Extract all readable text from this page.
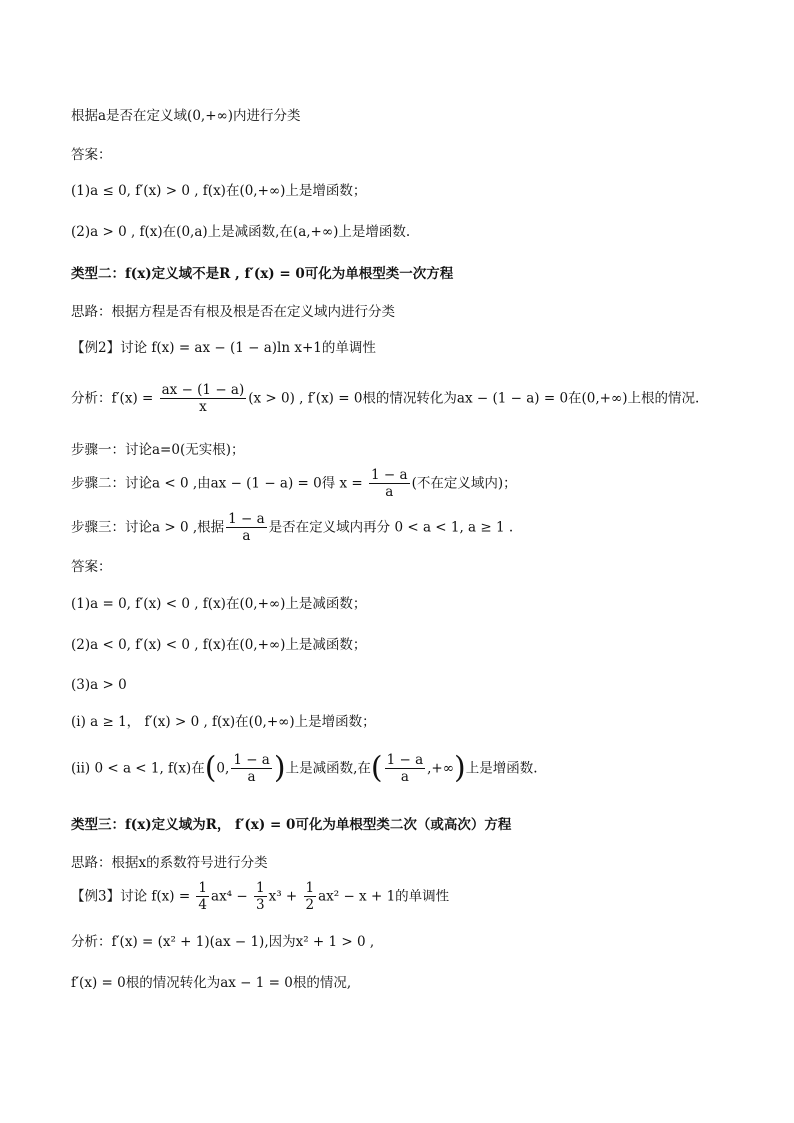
根据a是否在定义域(0,+∞)内进行分类
答案：
(1)a ≤ 0, f′(x) > 0 , f(x)在(0,+∞)上是增函数；
(2)a > 0 , f(x)在(0,a)上是减函数,在(a,+∞)上是增函数.
类型二：f(x)定义域不是R , f′(x) = 0可化为单根型类一次方程
思路：根据方程是否有根及根是否在定义域内进行分类
【例2】讨论 f(x) = ax − (1 − a)ln x+1的单调性
分析：$f'(x) = \frac{ax - (1 - a)}{x} (x > 0)$ , f′(x) = 0根的情况转化为ax − (1 − a) = 0在(0,+∞)上根的情况.
步骤一：讨论a=0(无实根)；
步骤二：讨论a < 0 ,由ax − (1 − a) = 0得 $x = \frac{1 - a}{a}$ (不在定义域内)；
步骤三：讨论a > 0 ,根据 $\frac{1 - a}{a}$ 是否在定义域内再分 0 < a < 1, a ≥ 1 .
答案：
(1)a = 0, f′(x) < 0 , f(x)在(0,+∞)上是减函数；
(2)a < 0, f′(x) < 0 , f(x)在(0,+∞)上是减函数；
(3)a > 0
(i) a ≥ 1， f′(x) > 0 , f(x)在(0,+∞)上是增函数；
(ii) 0 < a < 1, f(x)在(0, $\frac{1 - a}{a}$ )上是减函数,在( $\frac{1 - a}{a}$ ,+∞)上是增函数.
类型三：f(x)定义域为R， f′(x) = 0可化为单根型类二次（或高次）方程
思路：根据x的系数符号进行分类
【例3】讨论 $f(x) = \frac{1}{4} ax^4 - \frac{1}{3} x^3 + \frac{1}{2} ax^2 - x + 1$的单调性
分析：f′(x) = (x² + 1)(ax − 1),因为x² + 1 > 0 ,
f′(x) = 0根的情况转化为ax − 1 = 0根的情况,
